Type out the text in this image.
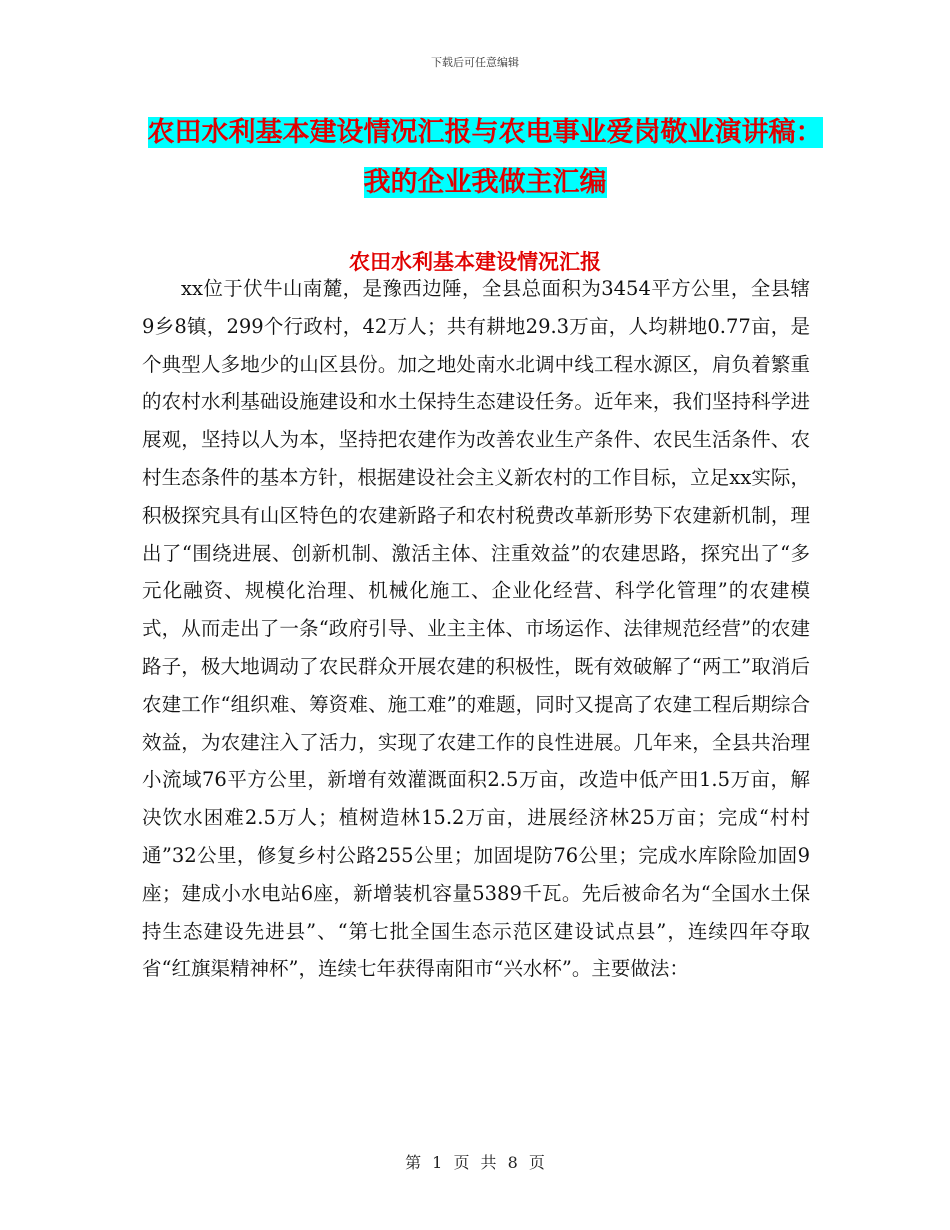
下载后可任意编辑
农田水利基本建设情况汇报与农电事业爱岗敬业演讲稿：我的企业我做主汇编
农田水利基本建设情况汇报

xx位于伏牛山南麓，是豫西边陲，全县总面积为3454平方公里，全县辖9乡8镇，299个行政村，42万人；共有耕地29.3万亩，人均耕地0.77亩，是个典型人多地少的山区县份。加之地处南水北调中线工程水源区，肩负着繁重的农村水利基础设施建设和水土保持生态建设任务。近年来，我们坚持科学进展观，坚持以人为本，坚持把农建作为改善农业生产条件、农民生活条件、农村生态条件的基本方针，根据建设社会主义新农村的工作目标，立足xx实际，积极探究具有山区特色的农建新路子和农村税费改革新形势下农建新机制，理出了“围绕进展、创新机制、激活主体、注重效益”的农建思路，探究出了“多元化融资、规模化治理、机械化施工、企业化经营、科学化管理”的农建模式，从而走出了一条“政府引导、业主主体、市场运作、法律规范经营”的农建路子，极大地调动了农民群众开展农建的积极性，既有效破解了“两工”取消后农建工作“组织难、筹资难、施工难”的难题，同时又提高了农建工程后期综合效益，为农建注入了活力，实现了农建工作的良性进展。几年来，全县共治理小流域76平方公里，新增有效灌溉面积2.5万亩，改造中低产田1.5万亩，解决饮水困难2.5万人；植树造林15.2万亩，进展经济林25万亩；完成“村村通”32公里，修复乡村公路255公里；加固堤防76公里；完成水库除险加固9座；建成小水电站6座，新增装机容量5389千瓦。先后被命名为“全国水土保持生态建设先进县”、“第七批全国生态示范区建设试点县”，连续四年夺取省“红旗渠精神杯”，连续七年获得南阳市“兴水杯”。主要做法：

第 1 页 共 8 页
